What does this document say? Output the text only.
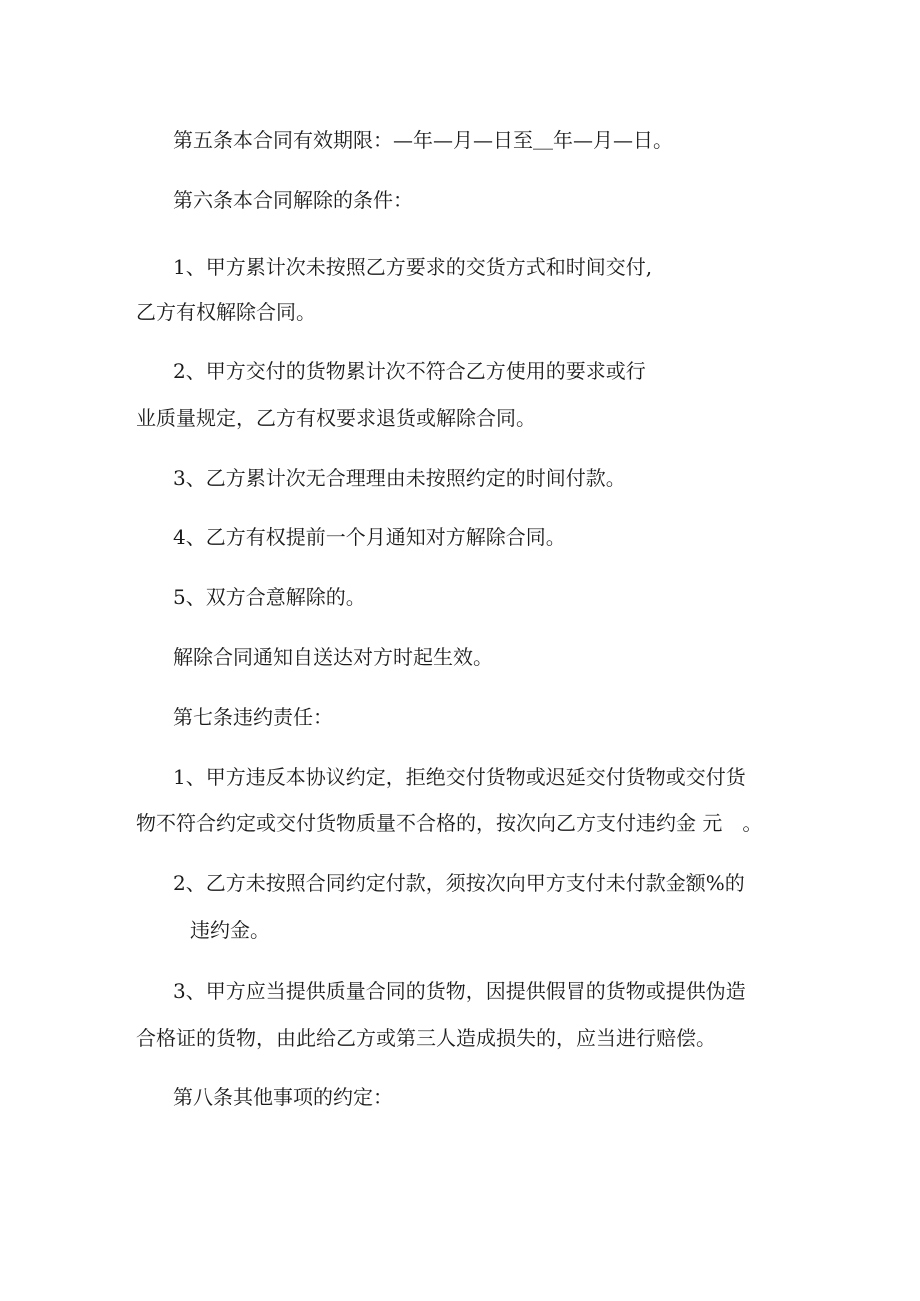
第五条本合同有效期限：—年—月—日至＿年—月—日。
第六条本合同解除的条件：
1、甲方累计次未按照乙方要求的交货方式和时间交付,
乙方有权解除合同。
2、甲方交付的货物累计次不符合乙方使用的要求或行
业质量规定，乙方有权要求退货或解除合同。
3、乙方累计次无合理理由未按照约定的时间付款。
4、乙方有权提前一个月通知对方解除合同。
5、双方合意解除的。
解除合同通知自送达对方时起生效。
第七条违约责任：
1、甲方违反本协议约定，拒绝交付货物或迟延交付货物或交付货
物不符合约定或交付货物质量不合格的，按次向乙方支付违约金 元　。
2、乙方未按照合同约定付款，须按次向甲方支付未付款金额%的
违约金。
3、甲方应当提供质量合同的货物，因提供假冒的货物或提供伪造
合格证的货物，由此给乙方或第三人造成损失的，应当进行赔偿。
第八条其他事项的约定：
